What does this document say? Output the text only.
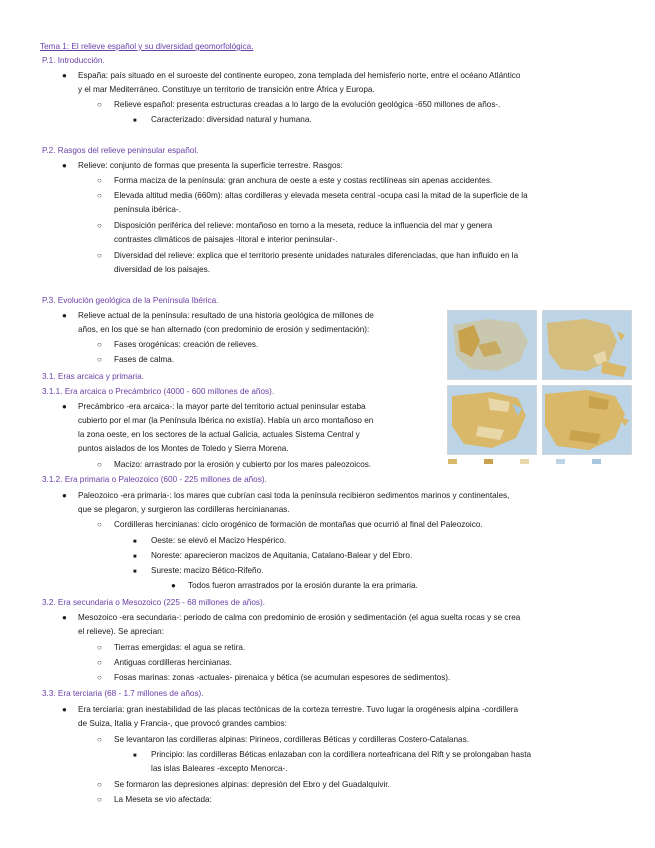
Tema 1: El relieve español y su diversidad geomorfológica.
P.1. Introducción.
●
España: país situado en el suroeste del continente europeo, zona templada del hemisferio norte, entre el océano Atlántico
y el mar Mediterráneo. Constituye un territorio de transición entre África y Europa.
○
Relieve español: presenta estructuras creadas a lo largo de la evolución geológica -650 millones de años-.
■
Caracterizado: diversidad natural y humana.
P.2. Rasgos del relieve peninsular español.
●
Relieve: conjunto de formas que presenta la superficie terrestre. Rasgos:
○
Forma maciza de la península: gran anchura de oeste a este y costas rectilíneas sin apenas accidentes.
○
Elevada altitud media (660m): altas cordilleras y elevada meseta central -ocupa casi la mitad de la superficie de la
península ibérica-.
○
Disposición periférica del relieve: montañoso en torno a la meseta, reduce la influencia del mar y genera
contrastes climáticos de paisajes -litoral e interior peninsular-.
○
Diversidad del relieve: explica que el territorio presente unidades naturales diferenciadas, que han influido en la
diversidad de los paisajes.
P.3. Evolución geológica de la Península Ibérica.
●
Relieve actual de la península: resultado de una historia geológica de millones de
años, en los que se han alternado (con predominio de erosión y sedimentación):
○
Fases orogénicas: creación de relieves.
○
Fases de calma.
3.1. Eras arcaica y primaria.
3.1.1. Era arcaica o Precámbrico (4000 - 600 millones de años).
●
Precámbrico -era arcaica-: la mayor parte del territorio actual peninsular estaba
cubierto por el mar (la Península Ibérica no existía). Había un arco montañoso en
la zona oeste, en los sectores de la actual Galicia, actuales Sistema Central y
puntos aislados de los Montes de Toledo y Sierra Morena.
○
Macizo: arrastrado por la erosión y cubierto por los mares paleozoicos.
3.1.2. Era primaria o Paleozoico (600 - 225 millones de años).
●
Paleozoico -era primaria-: los mares que cubrían casi toda la península recibieron sedimentos marinos y continentales,
que se plegaron, y surgieron las cordilleras herciniananas.
○
Cordilleras hercinianas: ciclo orogénico de formación de montañas que ocurrió al final del Paleozoico.
■
Oeste: se elevó el Macizo Hespérico.
■
Noreste: aparecieron macizos de Aquitania, Catalano-Balear y del Ebro.
■
Sureste: macizo Bético-Rifeño.
●
Todos fueron arrastrados por la erosión durante la era primaria.
3.2. Era secundaria o Mesozoico (225 - 68 millones de años).
●
Mesozoico -era secundaria-: periodo de calma con predominio de erosión y sedimentación (el agua suelta rocas y se crea
el relieve). Se aprecian:
○
Tierras emergidas: el agua se retira.
○
Antiguas cordilleras hercinianas.
○
Fosas marinas: zonas -actuales- pirenaica y bética (se acumulan espesores de sedimentos).
3.3. Era terciaria (68 - 1.7 millones de años).
●
Era terciaria: gran inestabilidad de las placas tectónicas de la corteza terrestre. Tuvo lugar la orogénesis alpina -cordillera
de Suiza, Italia y Francia-, que provocó grandes cambios:
○
Se levantaron las cordilleras alpinas: Pirineos, cordilleras Béticas y cordilleras Costero-Catalanas.
■
Principio: las cordilleras Béticas enlazaban con la cordillera norteafricana del Rift y se prolongaban hasta
las islas Baleares -excepto Menorca-.
○
Se formaron las depresiones alpinas: depresión del Ebro y del Guadalquivir.
○
La Meseta se vio afectada:
